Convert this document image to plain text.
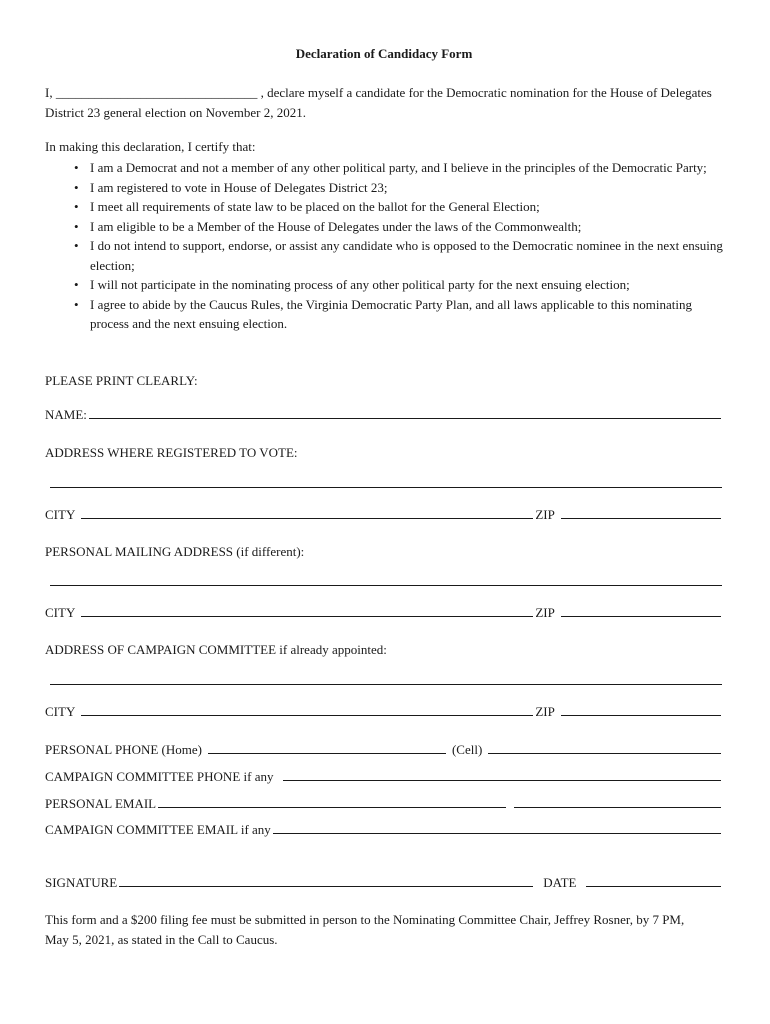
Declaration of Candidacy Form
I, _______________________________ , declare myself a candidate for the Democratic nomination for the House of Delegates District 23 general election on November 2, 2021.
In making this declaration, I certify that:
• I am a Democrat and not a member of any other political party, and I believe in the principles of the Democratic Party;
• I am registered to vote in House of Delegates District 23;
• I meet all requirements of state law to be placed on the ballot for the General Election;
• I am eligible to be a Member of the House of Delegates under the laws of the Commonwealth;
• I do not intend to support, endorse, or assist any candidate who is opposed to the Democratic nominee in the next ensuing election;
• I will not participate in the nominating process of any other political party for the next ensuing election;
• I agree to abide by the Caucus Rules, the Virginia Democratic Party Plan, and all laws applicable to this nominating process and the next ensuing election.
PLEASE PRINT CLEARLY:
NAME:
ADDRESS WHERE REGISTERED TO VOTE:
CITY	ZIP
PERSONAL MAILING ADDRESS (if different):
CITY	ZIP
ADDRESS OF CAMPAIGN COMMITTEE if already appointed:
CITY	ZIP
PERSONAL PHONE (Home)	(Cell)
CAMPAIGN COMMITTEE PHONE if any
PERSONAL EMAIL
CAMPAIGN COMMITTEE EMAIL if any
SIGNATURE	DATE
This form and a $200 filing fee must be submitted in person to the Nominating Committee Chair, Jeffrey Rosner, by 7 PM, May 5, 2021, as stated in the Call to Caucus.
